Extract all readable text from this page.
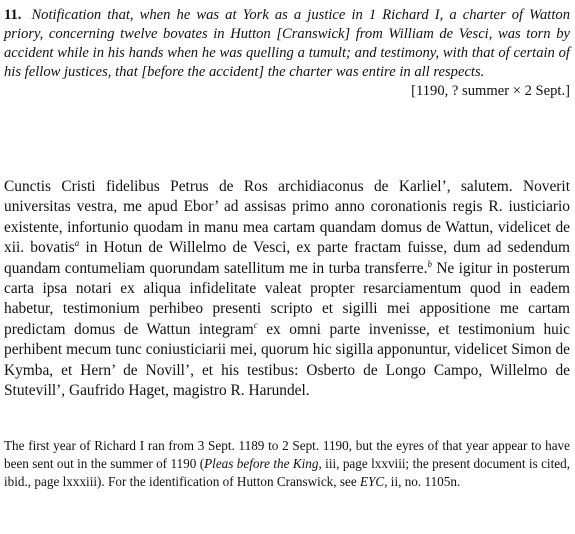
11. Notification that, when he was at York as a justice in 1 Richard I, a charter of Watton priory, concerning twelve bovates in Hutton [Cranswick] from William de Vesci, was torn by accident while in his hands when he was quelling a tumult; and testimony, with that of certain of his fellow justices, that [before the accident] the charter was entire in all respects.
[1190, ? summer × 2 Sept.]
Cunctis Cristi fidelibus Petrus de Ros archidiaconus de Karliel’, salutem. Noverit universitas vestra, me apud Ebor’ ad assisas primo anno coronationis regis R. iusticiario existente, infortunio quodam in manu mea cartam quandam domus de Wattun, videlicet de xii. bovatis$^a$ in Hotun de Willelmo de Vesci, ex parte fractam fuisse, dum ad sedendum quandam contumeliam quorundam satellitum me in turba transferre.$^b$ Ne igitur in posterum carta ipsa notari ex aliqua infidelitate valeat propter resarciamentum quod in eadem habetur, testimonium perhibeo presenti scripto et sigilli mei appositione me cartam predictam domus de Wattun integram$^c$ ex omni parte invenisse, et testimonium huic perhibent mecum tunc coniusticiarii mei, quorum hic sigilla apponuntur, videlicet Simon de Kymba, et Hern’ de Novill’, et his testibus: Osberto de Longo Campo, Willelmo de Stutevill’, Gaufrido Haget, magistro R. Harundel.
The first year of Richard I ran from 3 Sept. 1189 to 2 Sept. 1190, but the eyres of that year appear to have been sent out in the summer of 1190 (Pleas before the King, iii, page lxxviii; the present document is cited, ibid., page lxxxiii). For the identification of Hutton Cranswick, see EYC, ii, no. 1105n.
